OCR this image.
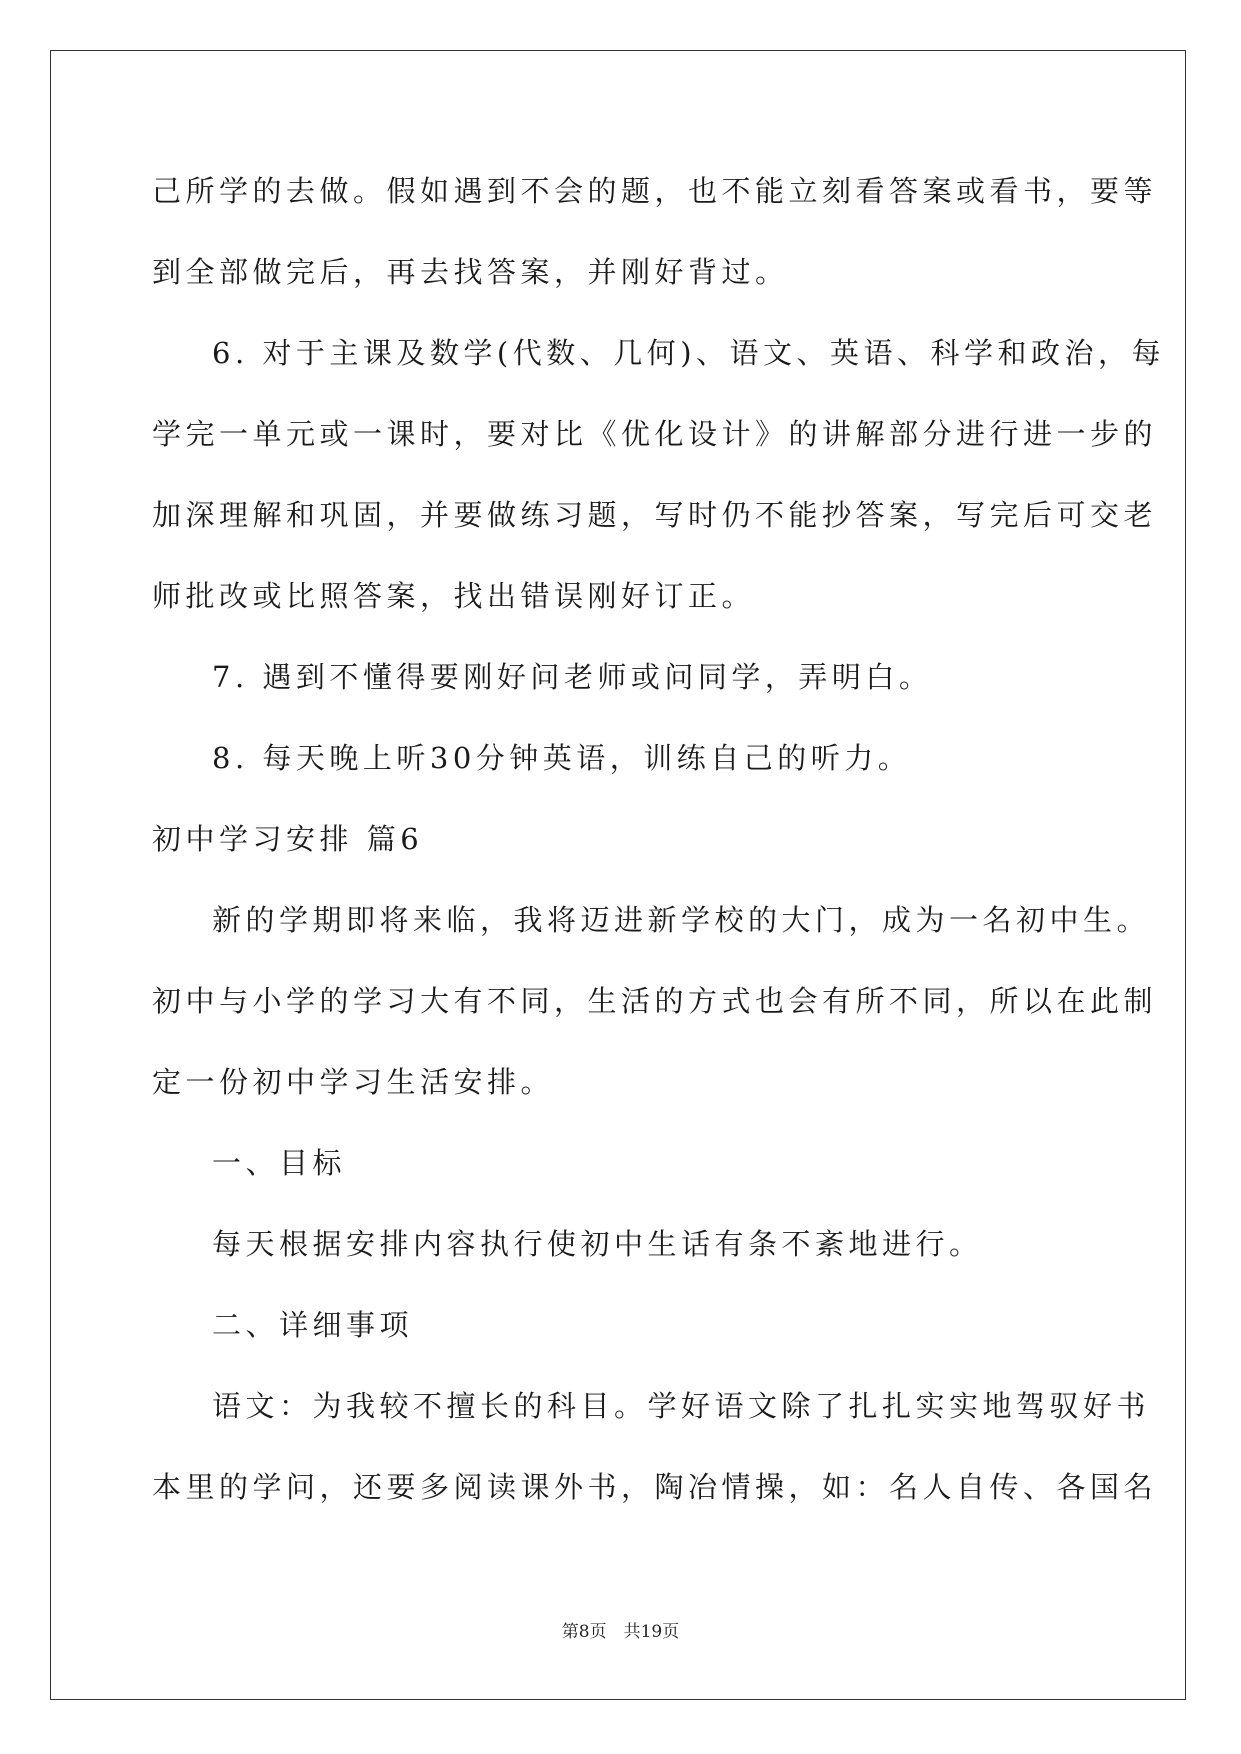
己所学的去做。假如遇到不会的题，也不能立刻看答案或看书，要等
到全部做完后，再去找答案，并刚好背过。
6. 对于主课及数学(代数、几何)、语文、英语、科学和政治，每
学完一单元或一课时，要对比《优化设计》的讲解部分进行进一步的
加深理解和巩固，并要做练习题，写时仍不能抄答案，写完后可交老
师批改或比照答案，找出错误刚好订正。
7. 遇到不懂得要刚好问老师或问同学，弄明白。
8. 每天晚上听30分钟英语，训练自己的听力。
初中学习安排 篇6
新的学期即将来临，我将迈进新学校的大门，成为一名初中生。
初中与小学的学习大有不同，生活的方式也会有所不同，所以在此制
定一份初中学习生活安排。
一、目标
每天根据安排内容执行使初中生话有条不紊地进行。
二、详细事项
语文：为我较不擅长的科目。学好语文除了扎扎实实地驾驭好书
本里的学问，还要多阅读课外书，陶冶情操，如：名人自传、各国名
第8页　共19页
